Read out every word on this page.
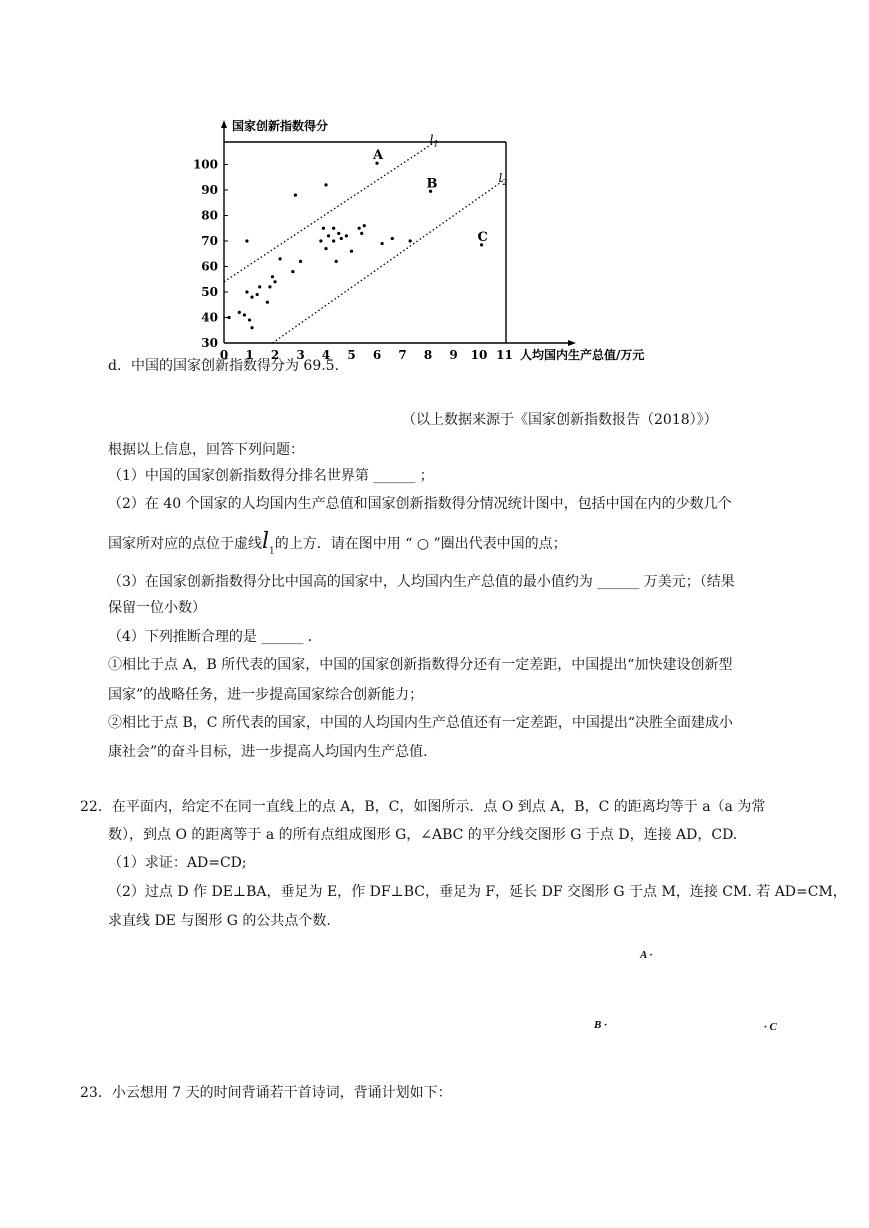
30
40
50
60
70
80
90
100
0 1 2 3 4 5 6 7 8 9 10 11
国家创新指数得分
人均国内生产总值/万元
$l_1$
$l_2$
A
B
C
d．中国的国家创新指数得分为 69.5.
（以上数据来源于《国家创新指数报告（2018）》）
根据以上信息，回答下列问题：
（1）中国的国家创新指数得分排名世界第 ______ ；
（2）在 40 个国家的人均国内生产总值和国家创新指数得分情况统计图中，包括中国在内的少数几个
国家所对应的点位于虚线$l_1$的上方．请在图中用 “ ○ ”圈出代表中国的点；
（3）在国家创新指数得分比中国高的国家中，人均国内生产总值的最小值约为 ______ 万美元；（结果
保留一位小数）
（4）下列推断合理的是 ______ ．
①相比于点 A，B 所代表的国家，中国的国家创新指数得分还有一定差距，中国提出“加快建设创新型
国家”的战略任务，进一步提高国家综合创新能力；
②相比于点 B，C 所代表的国家，中国的人均国内生产总值还有一定差距，中国提出“决胜全面建成小
康社会”的奋斗目标，进一步提高人均国内生产总值.
22．在平面内，给定不在同一直线上的点 A，B，C，如图所示．点 O 到点 A，B，C 的距离均等于 a（a 为常
数），到点 O 的距离等于 a 的所有点组成图形 G，∠ABC 的平分线交图形 G 于点 D，连接 AD，CD.
（1）求证：AD=CD;
（2）过点 D 作 DE⊥BA，垂足为 E，作 DF⊥BC，垂足为 F，延长 DF 交图形 G 于点 M，连接 CM. 若 AD=CM，
求直线 DE 与图形 G 的公共点个数.
A ·
B ·	· C
23．小云想用 7 天的时间背诵若干首诗词，背诵计划如下：
